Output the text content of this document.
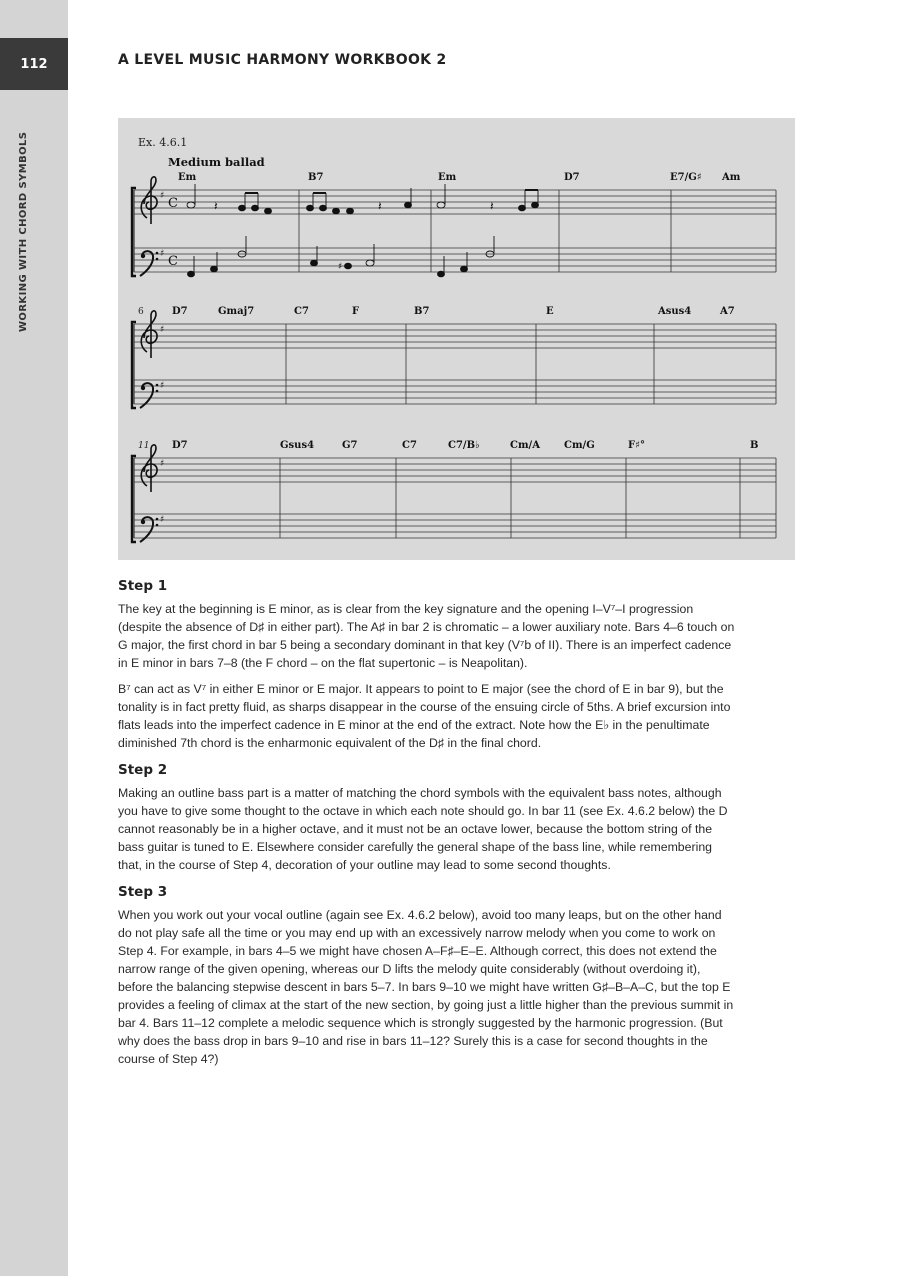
112
WORKING WITH CHORD SYMBOLS
A LEVEL MUSIC HARMONY WORKBOOK 2
Ex. 4.6.1
Medium ballad
♯
♯
C
C
𝄽	𝄽	𝄽
♯
Em	B7	Em	D7	E7/G♯ Am
6
♯
♯
D7	Gmaj7	C7	F	B7	E	Asus4	A7
11
♯
♯
D7	Gsus4	G7	C7	C7/B♭	Cm/A Cm/G	F♯°	B
Step 1

The key at the beginning is E minor, as is clear from the key signature and the opening I–V⁷–I progression (despite the absence of D♯ in either part). The A♯ in bar 2 is chromatic – a lower auxiliary note. Bars 4–6 touch on G major, the first chord in bar 5 being a secondary dominant in that key (V⁷b of II). There is an imperfect cadence in E minor in bars 7–8 (the F chord – on the flat supertonic – is Neapolitan).

B⁷ can act as V⁷ in either E minor or E major. It appears to point to E major (see the chord of E in bar 9), but the tonality is in fact pretty fluid, as sharps disappear in the course of the ensuing circle of 5ths. A brief excursion into flats leads into the imperfect cadence in E minor at the end of the extract. Note how the E♭ in the penultimate diminished 7th chord is the enharmonic equivalent of the D♯ in the final chord.

Step 2

Making an outline bass part is a matter of matching the chord symbols with the equivalent bass notes, although you have to give some thought to the octave in which each note should go. In bar 11 (see Ex. 4.6.2 below) the D cannot reasonably be in a higher octave, and it must not be an octave lower, because the bottom string of the bass guitar is tuned to E. Elsewhere consider carefully the general shape of the bass line, while remembering that, in the course of Step 4, decoration of your outline may lead to some second thoughts.

Step 3

When you work out your vocal outline (again see Ex. 4.6.2 below), avoid too many leaps, but on the other hand do not play safe all the time or you may end up with an excessively narrow melody when you come to work on Step 4. For example, in bars 4–5 we might have chosen A–F♯–E–E. Although correct, this does not extend the narrow range of the given opening, whereas our D lifts the melody quite considerably (without overdoing it), before the balancing stepwise descent in bars 5–7. In bars 9–10 we might have written G♯–B–A–C, but the top E provides a feeling of climax at the start of the new section, by going just a little higher than the previous summit in bar 4. Bars 11–12 complete a melodic sequence which is strongly suggested by the harmonic progression. (But why does the bass drop in bars 9–10 and rise in bars 11–12? Surely this is a case for second thoughts in the course of Step 4?)
